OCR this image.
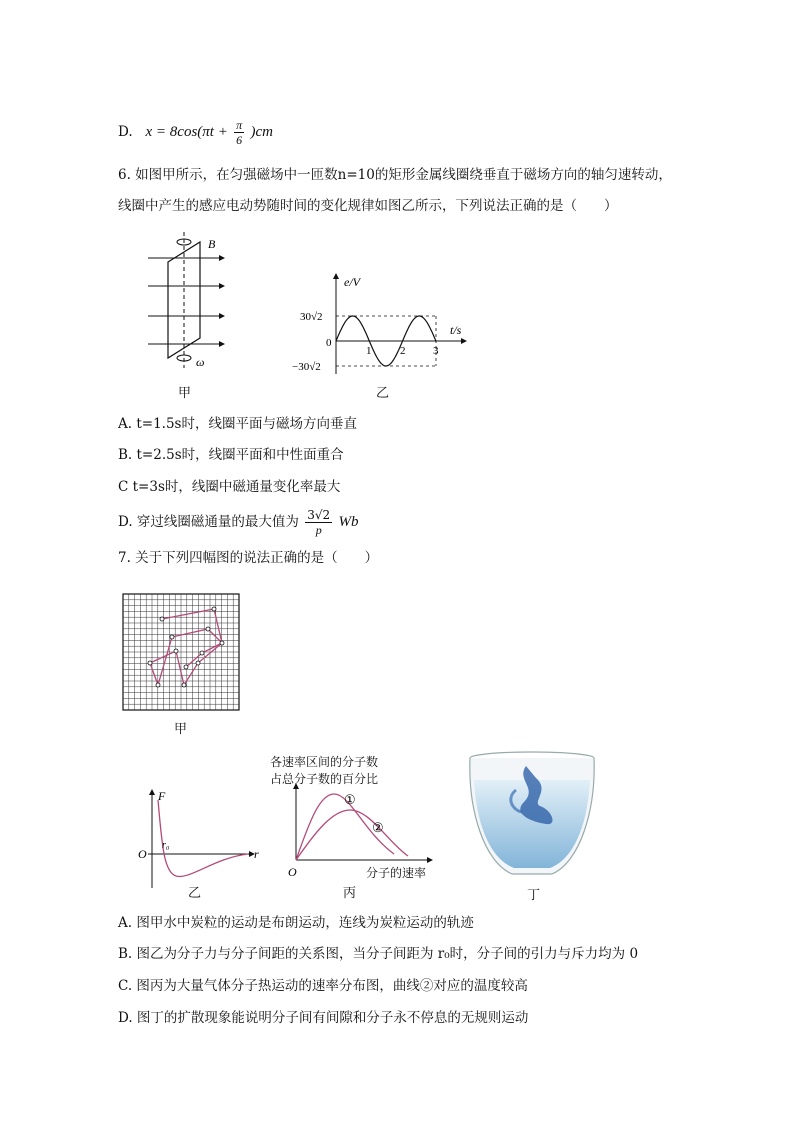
D. $x = 8\cos(\pi t + \frac{\pi}{6} )cm$
6. 如图甲所示，在匀强磁场中一匝数n=10的矩形金属线圈绕垂直于磁场方向的轴匀速转动，
线圈中产生的感应电动势随时间的变化规律如图乙所示，下列说法正确的是（　　）
B
ω
甲
e/V
t/s
30√2
−30√2
0
1	2	3
乙
A. t=1.5s时，线圈平面与磁场方向垂直
B. t=2.5s时，线圈平面和中性面重合
C t=3s时，线圈中磁通量变化率最大
D. 穿过线圈磁通量的最大值为 $\frac{3√2}{p}$ Wb
7. 关于下列四幅图的说法正确的是（　　）
甲
F
r
O
r₀
乙
各速率区间的分子数
占总分子数的百分比
①
②
O	分子的速率
丙	丁
A. 图甲水中炭粒的运动是布朗运动，连线为炭粒运动的轨迹
B. 图乙为分子力与分子间距的关系图，当分子间距为 r₀时，分子间的引力与斥力均为 0
C. 图丙为大量气体分子热运动的速率分布图，曲线②对应的温度较高
D. 图丁的扩散现象能说明分子间有间隙和分子永不停息的无规则运动
